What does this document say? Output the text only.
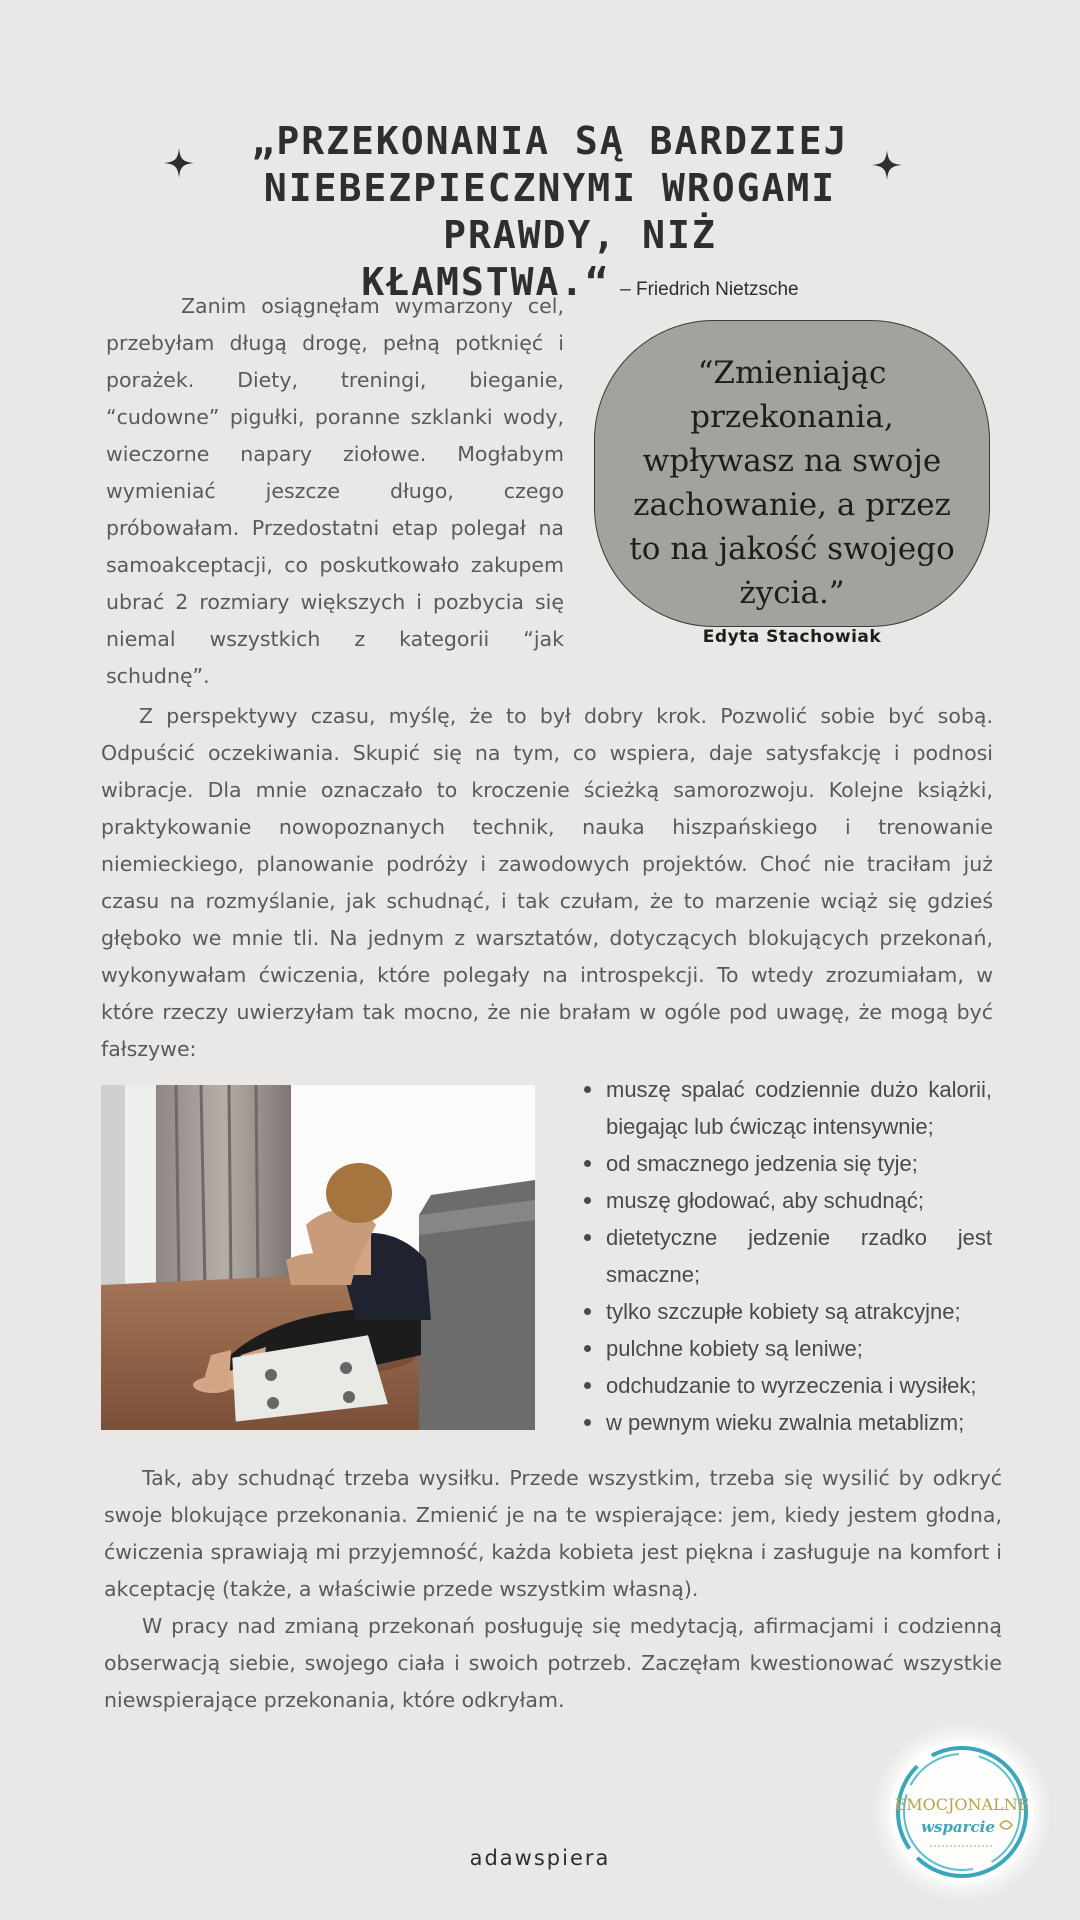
„PRZEKONANIA SĄ BARDZIEJ
NIEBEZPIECZNYMI WROGAMI
PRAWDY, NIŻ KŁAMSTWA.“ – Friedrich Nietzsche
Zanim osiągnęłam wymarzony cel, przebyłam długą drogę, pełną potknięć i porażek. Diety, treningi, bieganie, “cudowne” pigułki, poranne szklanki wody, wieczorne napary ziołowe. Mogłabym wymieniać jeszcze długo, czego próbowałam. Przedostatni etap polegał na samoakceptacji, co poskutkowało zakupem ubrać 2 rozmiary większych i pozbycia się niemal wszystkich z kategorii “jak schudnę”.
“Zmieniając przekonania, wpływasz na swoje zachowanie, a przez to na jakość swojego życia.”
Edyta Stachowiak
Z perspektywy czasu, myślę, że to był dobry krok. Pozwolić sobie być sobą. Odpuścić oczekiwania. Skupić się na tym, co wspiera, daje satysfakcję i podnosi wibracje. Dla mnie oznaczało to kroczenie ścieżką samorozwoju. Kolejne książki, praktykowanie nowopoznanych technik, nauka hiszpańskiego i trenowanie niemieckiego, planowanie podróży i zawodowych projektów. Choć nie traciłam już czasu na rozmyślanie, jak schudnąć, i tak czułam, że to marzenie wciąż się gdzieś głęboko we mnie tli. Na jednym z warsztatów, dotyczących blokujących przekonań, wykonywałam ćwiczenia, które polegały na introspekcji. To wtedy zrozumiałam, w które rzeczy uwierzyłam tak mocno, że nie brałam w ogóle pod uwagę, że mogą być fałszywe:
muszę spalać codziennie dużo kalorii, biegając lub ćwicząc intensywnie;
od smacznego jedzenia się tyje;
muszę głodować, aby schudnąć;
dietetyczne jedzenie rzadko jest smaczne;
tylko szczupłe kobiety są atrakcyjne;
pulchne kobiety są leniwe;
odchudzanie to wyrzeczenia i wysiłek;
w pewnym wieku zwalnia metablizm;
Tak, aby schudnąć trzeba wysiłku. Przede wszystkim, trzeba się wysilić by odkryć swoje blokujące przekonania. Zmienić je na te wspierające: jem, kiedy jestem głodna, ćwiczenia sprawiają mi przyjemność, każda kobieta jest piękna i zasługuje na komfort i akceptację (także, a właściwie przede wszystkim własną).
W pracy nad zmianą przekonań posługuję się medytacją, afirmacjami i codzienną obserwacją siebie, swojego ciała i swoich potrzeb. Zaczęłam kwestionować wszystkie niewspierające przekonania, które odkryłam.
EMOCJONALNE
wsparcie
adawspiera
